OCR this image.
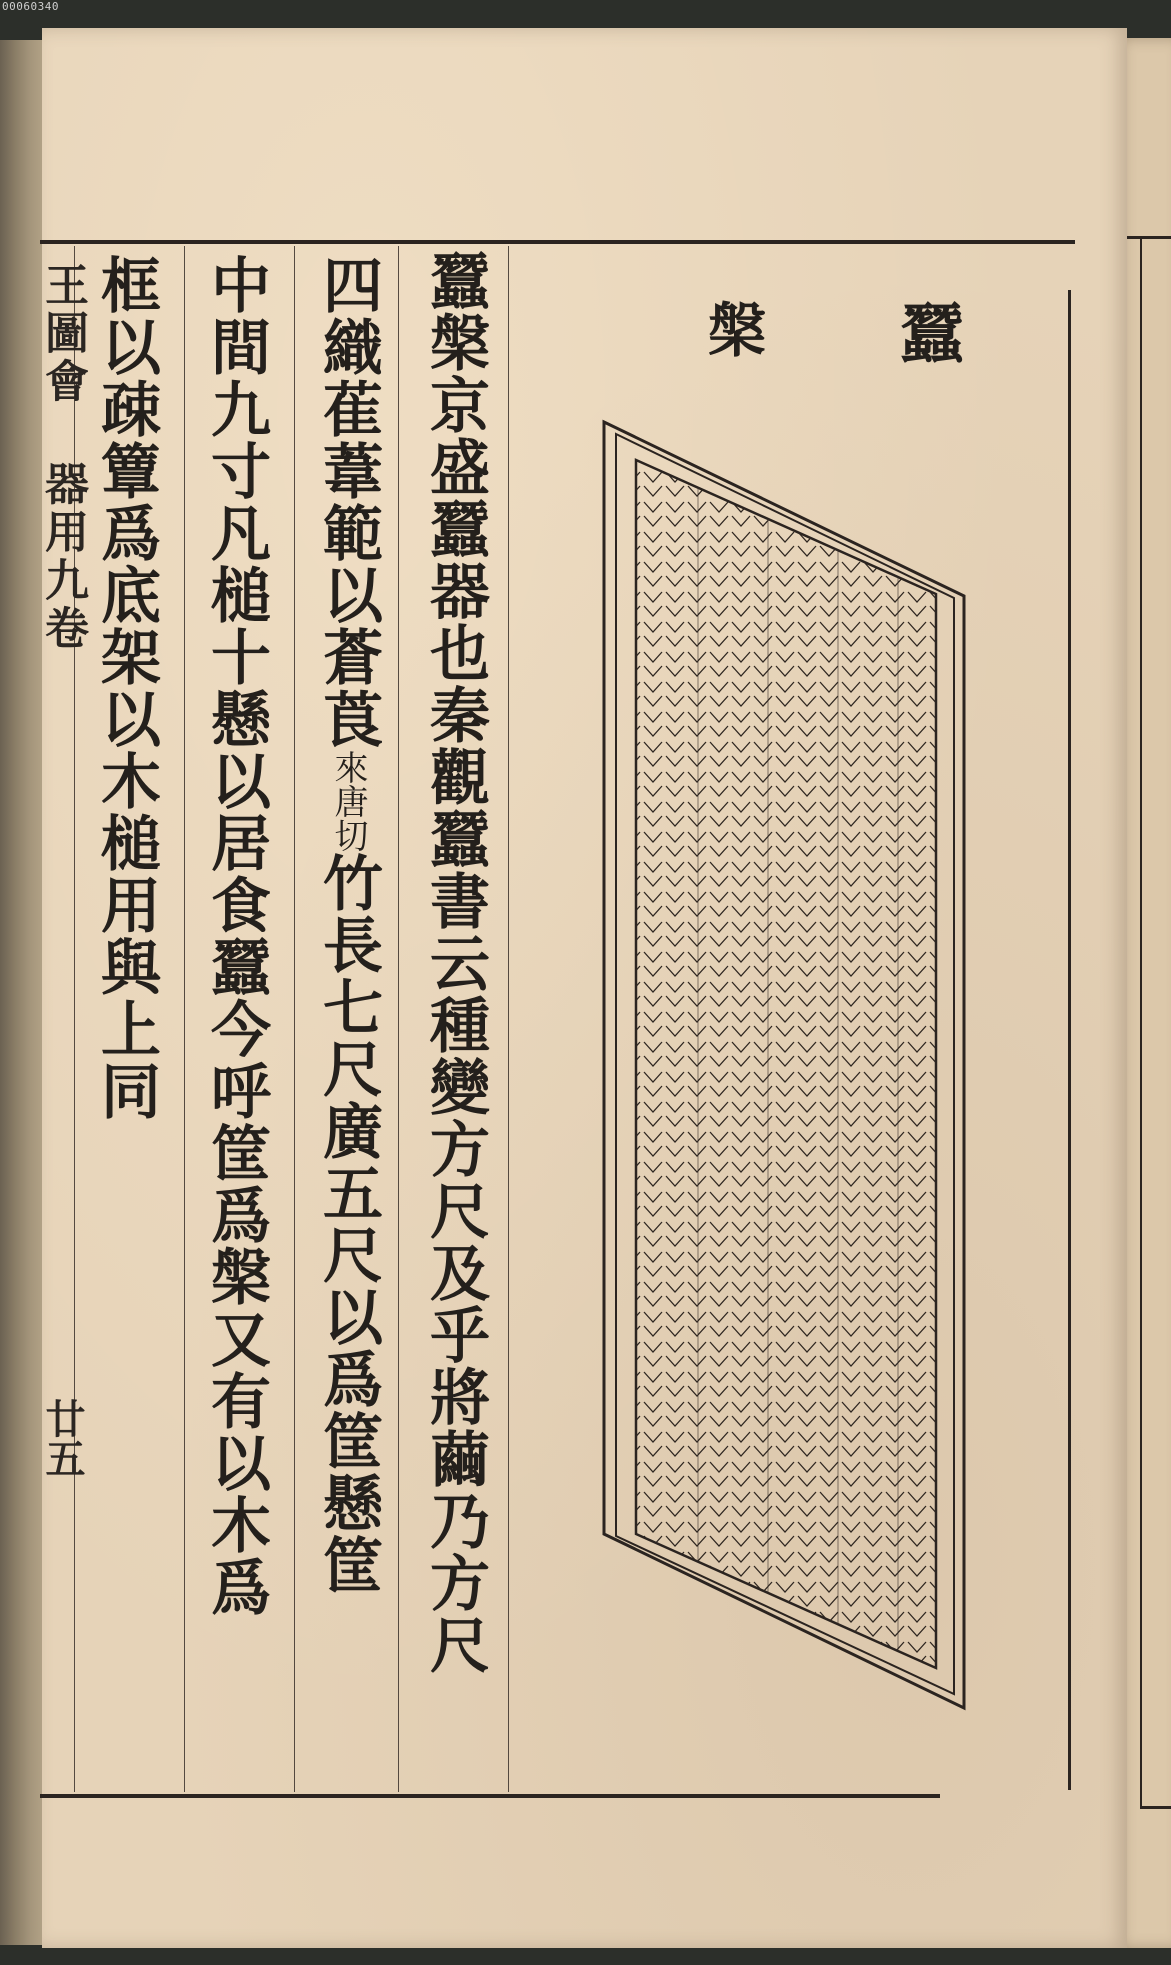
00060340
蠶
槃
蠶槃京盛蠶器也秦觀蠶書云種變方尺及乎將繭乃方尺
四織萑葦範以蒼莨來唐切竹長七尺廣五尺以爲筐懸筐
中間九寸凡槌十懸以居食蠶今呼筐爲槃又有以木爲
框以疎簟爲底架以木槌用與上同
王圖會 器用九卷
廿五
